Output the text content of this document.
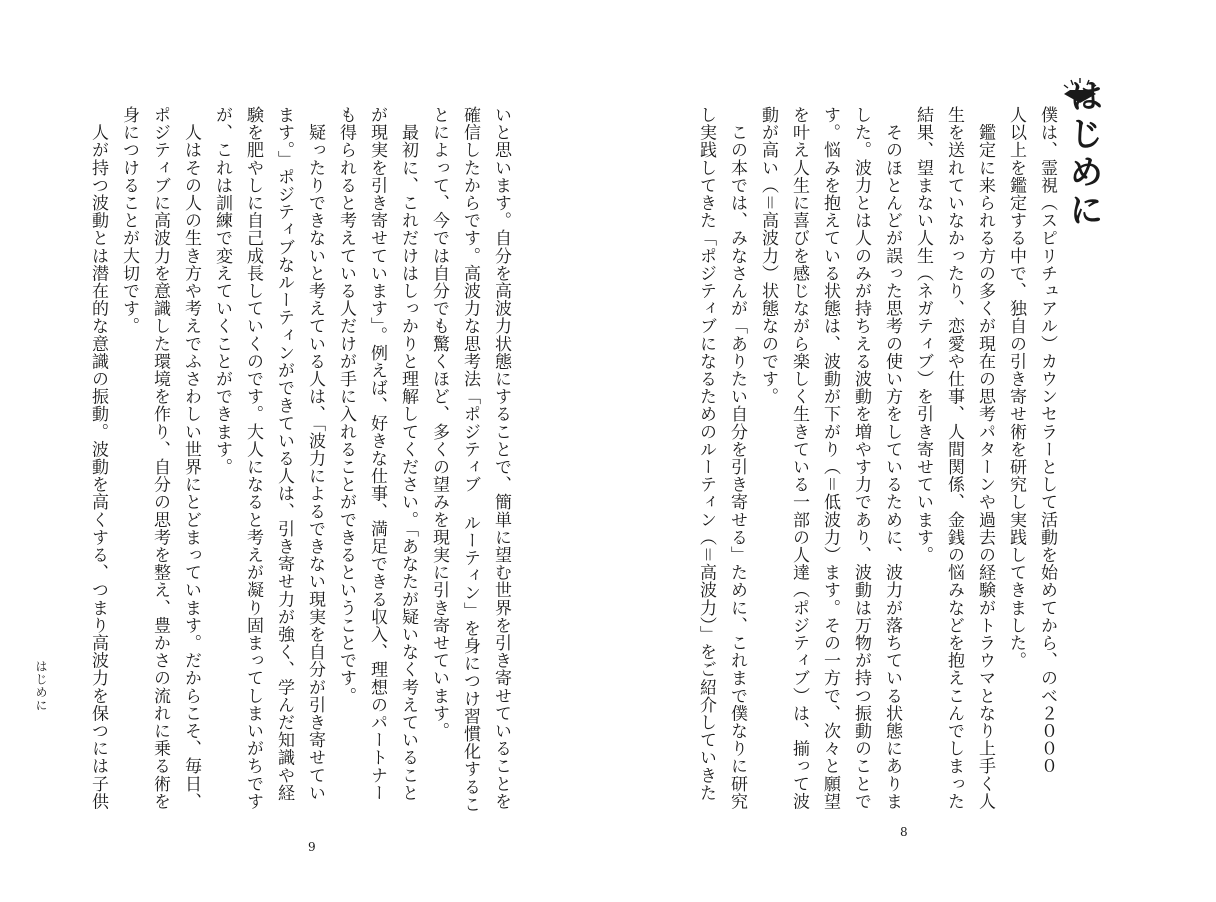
はじめに
僕は、霊視（スピリチュアル）カウンセラーとして活動を始めてから、のべ２０００
人以上を鑑定する中で、独自の引き寄せ術を研究し実践してきました。
　鑑定に来られる方の多くが現在の思考パターンや過去の経験がトラウマとなり上手く人
生を送れていなかったり、恋愛や仕事、人間関係、金銭の悩みなどを抱えこんでしまった
結果、望まない人生（ネガティブ）を引き寄せています。
　そのほとんどが誤った思考の使い方をしているために、波力が落ちている状態にありま
した。波力とは人のみが持ちえる波動を増やす力であり、波動は万物が持つ振動のことで
す。悩みを抱えている状態は、波動が下がり（＝低波力）ます。その一方で、次々と願望
を叶え人生に喜びを感じながら楽しく生きている一部の人達（ポジティブ）は、揃って波
動が高い（＝高波力）状態なのです。
　この本では、みなさんが「ありたい自分を引き寄せる」ために、これまで僕なりに研究
し実践してきた「ポジティブになるためのルーティン（＝高波力）」をご紹介していきた
8
いと思います。自分を高波力状態にすることで、簡単に望む世界を引き寄せていることを
確信したからです。高波力な思考法「ポジティブ ルーティン」を身につけ習慣化するこ
とによって、今では自分でも驚くほど、多くの望みを現実に引き寄せています。
　最初に、これだけはしっかりと理解してください。「あなたが疑いなく考えていること
が現実を引き寄せています」。例えば、好きな仕事、満足できる収入、理想のパートナー
も得られると考えている人だけが手に入れることができるということです。
　疑ったりできないと考えている人は、「波力によるできない現実を自分が引き寄せてい
ます。」ポジティブなルーティンができている人は、引き寄せ力が強く、学んだ知識や経
験を肥やしに自己成長していくのです。大人になると考えが凝り固まってしまいがちです
が、これは訓練で変えていくことができます。
　人はその人の生き方や考えでふさわしい世界にとどまっています。だからこそ、毎日、
ポジティブに高波力を意識した環境を作り、自分の思考を整え、豊かさの流れに乗る術を
身につけることが大切です。
　人が持つ波動とは潜在的な意識の振動。波動を高くする、つまり高波力を保つには子供
はじめに
9
